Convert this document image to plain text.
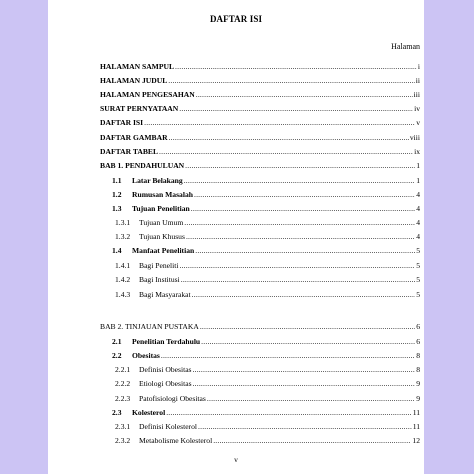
DAFTAR ISI
Halaman
HALAMAN SAMPUL .....	i
HALAMAN JUDUL .....	ii
HALAMAN PENGESAHAN .....	iii
SURAT PERNYATAAN .....	iv
DAFTAR ISI .....	v
DAFTAR GAMBAR .....	viii
DAFTAR TABEL .....	ix
BAB 1. PENDAHULUAN .....	1
1.1	Latar Belakang .....	1
1.2	Rumusan Masalah .....	4
1.3	Tujuan Penelitian .....	4
1.3.1	Tujuan Umum .....	4
1.3.2	Tujuan Khusus .....	4
1.4	Manfaat Penelitian .....	5
1.4.1	Bagi Peneliti .....	5
1.4.2	Bagi Institusi .....	5
1.4.3	Bagi Masyarakat .....	5
BAB 2. TINJAUAN PUSTAKA .....	6
2.1	Penelitian Terdahulu .....	6
2.2	Obesitas .....	8
2.2.1	Definisi Obesitas .....	8
2.2.2	Etiologi Obesitas .....	9
2.2.3	Patofisiologi Obesitas .....	9
2.3	Kolesterol .....	11
2.3.1	Definisi Kolesterol .....	11
2.3.2	Metabolisme Kolesterol .....	12
v
